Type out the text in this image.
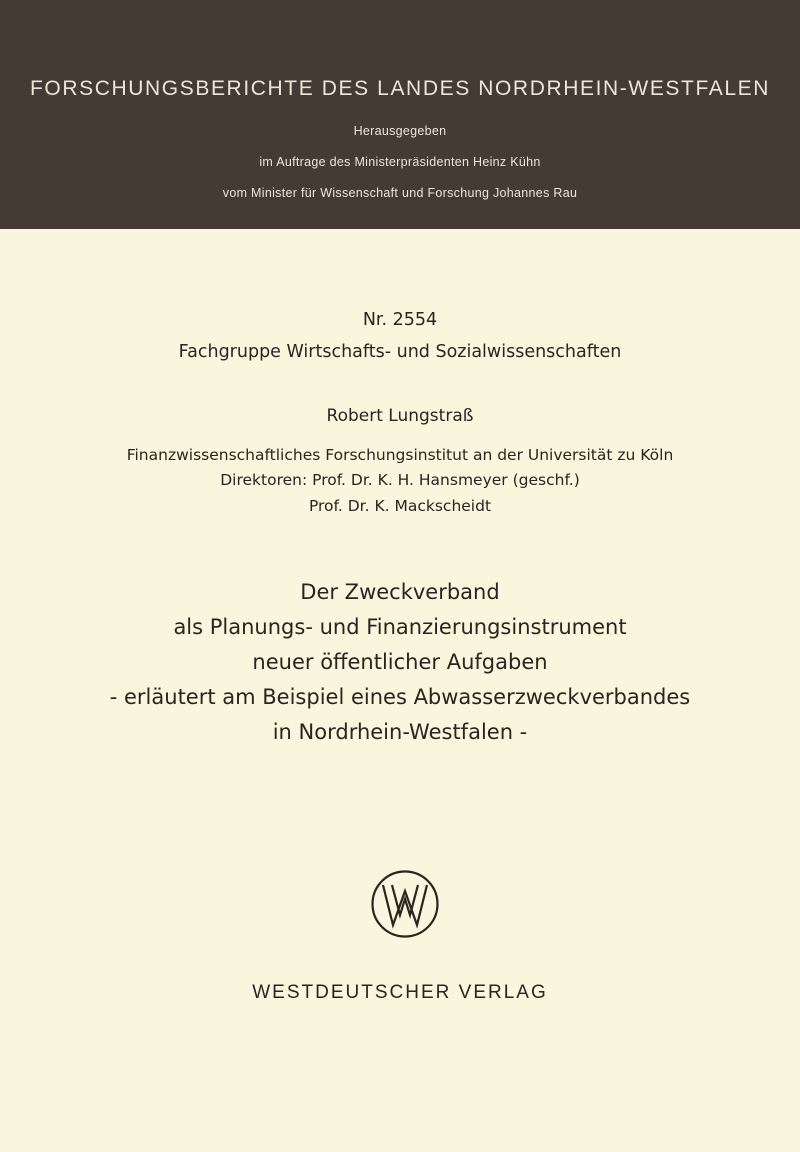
FORSCHUNGSBERICHTE DES LANDES NORDRHEIN-WESTFALEN
Herausgegeben
im Auftrage des Ministerpräsidenten Heinz Kühn
vom Minister für Wissenschaft und Forschung Johannes Rau
Nr. 2554
Fachgruppe Wirtschafts- und Sozialwissenschaften
Robert Lungstraß
Finanzwissenschaftliches Forschungsinstitut an der Universität zu Köln
Direktoren: Prof. Dr. K. H. Hansmeyer (geschf.)
Prof. Dr. K. Mackscheidt
Der Zweckverband
als Planungs- und Finanzierungsinstrument
neuer öffentlicher Aufgaben
- erläutert am Beispiel eines Abwasserzweckverbandes
in Nordrhein-Westfalen -
WESTDEUTSCHER VERLAG
